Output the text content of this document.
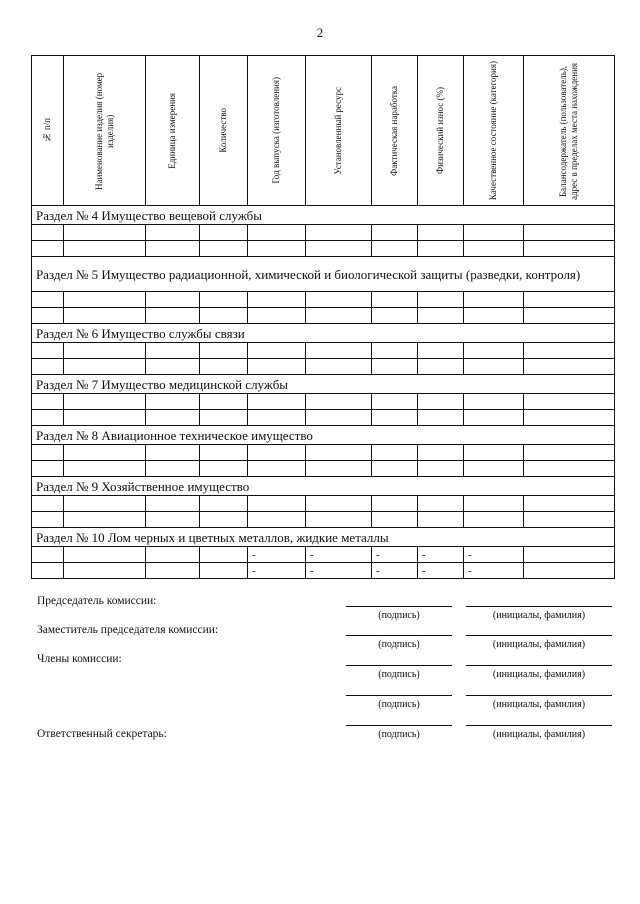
2
№ п/п	Наименование изделия (номер изделия)	Единица измерения	Количество	Год выпуска (изготовления)	Установленный ресурс	Фактическая наработка	Физический износ (%)	Качественное состояние (категория)	Балансодержатель (пользователь), адрес в пределах места нахождения

Раздел № 4 Имущество вещевой службы									

Раздел № 5 Имущество радиационной, химической и биологической защиты (разведки, контроля)									

Раздел № 6 Имущество службы связи									

Раздел № 7 Имущество медицинской службы									

Раздел № 8 Авиационное техническое имущество									

Раздел № 9 Хозяйственное имущество									

Раздел № 10 Лом черных и цветных металлов, жидкие металлы									

				-	-	-	-	-	
				-	-	-	-	-	
Председатель комиссии:
Заместитель председателя комиссии:
Члены комиссии:
Ответственный секретарь:
(подпись)	(инициалы, фамилия)
(подпись)	(инициалы, фамилия)
(подпись)	(инициалы, фамилия)
(подпись)	(инициалы, фамилия)
(подпись)	(инициалы, фамилия)
